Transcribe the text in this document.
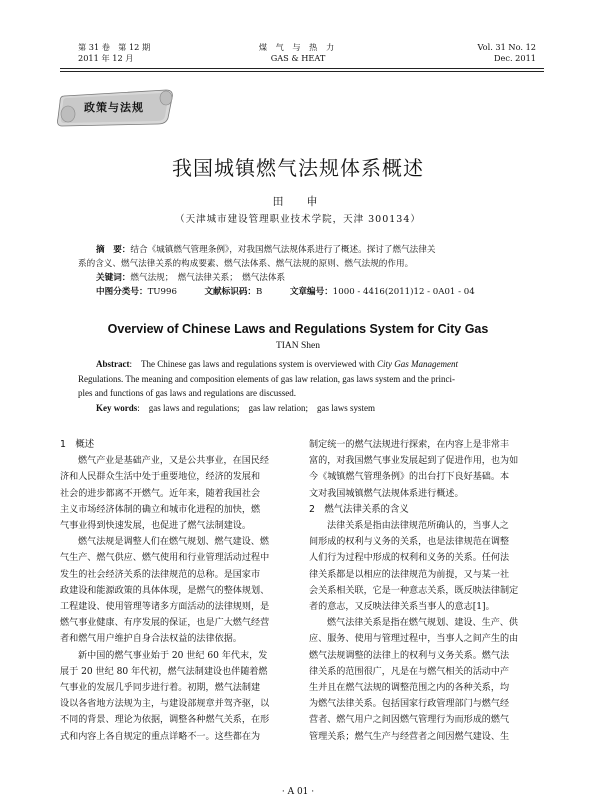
第 31 卷　第 12 期
2011 年 12 月
煤 气 与 热 力
GAS & HEAT
Vol. 31 No. 12
Dec. 2011
政策与法规
我国城镇燃气法规体系概述
田　申
（天津城市建设管理职业技术学院，天津 300134）
摘　要：结合《城镇燃气管理条例》，对我国燃气法规体系进行了概述。探讨了燃气法律关
系的含义、燃气法律关系的构成要素、燃气法体系、燃气法规的原则、燃气法规的作用。
关键词：燃气法规；　燃气法律关系；　燃气法体系
中图分类号：TU996	文献标识码：B	文章编号：1000 - 4416(2011)12 - 0A01 - 04
Overview of Chinese Laws and Regulations System for City Gas
TIAN Shen
Abstract:　The Chinese gas laws and regulations system is overviewed with City Gas Management
Regulations. The meaning and composition elements of gas law relation, gas laws system and the princi-
ples and functions of gas laws and regulations are discussed.
Key words:　gas laws and regulations;　gas law relation;　gas laws system
1　概述
燃气产业是基础产业，又是公共事业，在国民经
济和人民群众生活中处于重要地位，经济的发展和
社会的进步都离不开燃气。近年来，随着我国社会
主义市场经济体制的确立和城市化进程的加快，燃
气事业得到快速发展，也促进了燃气法制建设。
燃气法规是调整人们在燃气规划、燃气建设、燃
气生产、燃气供应、燃气使用和行业管理活动过程中
发生的社会经济关系的法律规范的总称。是国家市
政建设和能源政策的具体体现，是燃气的整体规划、
工程建设、使用管理等诸多方面活动的法律规则，是
燃气事业健康、有序发展的保证，也是广大燃气经营
者和燃气用户维护自身合法权益的法律依据。
新中国的燃气事业始于 20 世纪 60 年代末，发
展于 20 世纪 80 年代初，燃气法制建设也伴随着燃
气事业的发展几乎同步进行着。初期，燃气法制建
设以各省地方法规为主，与建设部规章并驾齐驱，以
不同的背景、理论为依据，调整各种燃气关系，在形
式和内容上各自规定的重点详略不一。这些都在为
制定统一的燃气法规进行探索，在内容上是非常丰
富的，对我国燃气事业发展起到了促进作用，也为如
今《城镇燃气管理条例》的出台打下良好基础。本
文对我国城镇燃气法规体系进行概述。
2　燃气法律关系的含义
法律关系是指由法律规范所确认的，当事人之
间形成的权利与义务的关系，也是法律规范在调整
人们行为过程中形成的权利和义务的关系。任何法
律关系都是以相应的法律规范为前提，又与某一社
会关系相关联，它是一种意志关系，既反映法律制定
者的意志，又反映法律关系当事人的意志[1]。
燃气法律关系是指在燃气规划、建设、生产、供
应、服务、使用与管理过程中，当事人之间产生的由
燃气法规调整的法律上的权利与义务关系。燃气法
律关系的范围很广，凡是在与燃气相关的活动中产
生并且在燃气法规的调整范围之内的各种关系，均
为燃气法律关系。包括国家行政管理部门与燃气经
营者、燃气用户之间因燃气管理行为而形成的燃气
管理关系；燃气生产与经营者之间因燃气建设、生
· A 01 ·
